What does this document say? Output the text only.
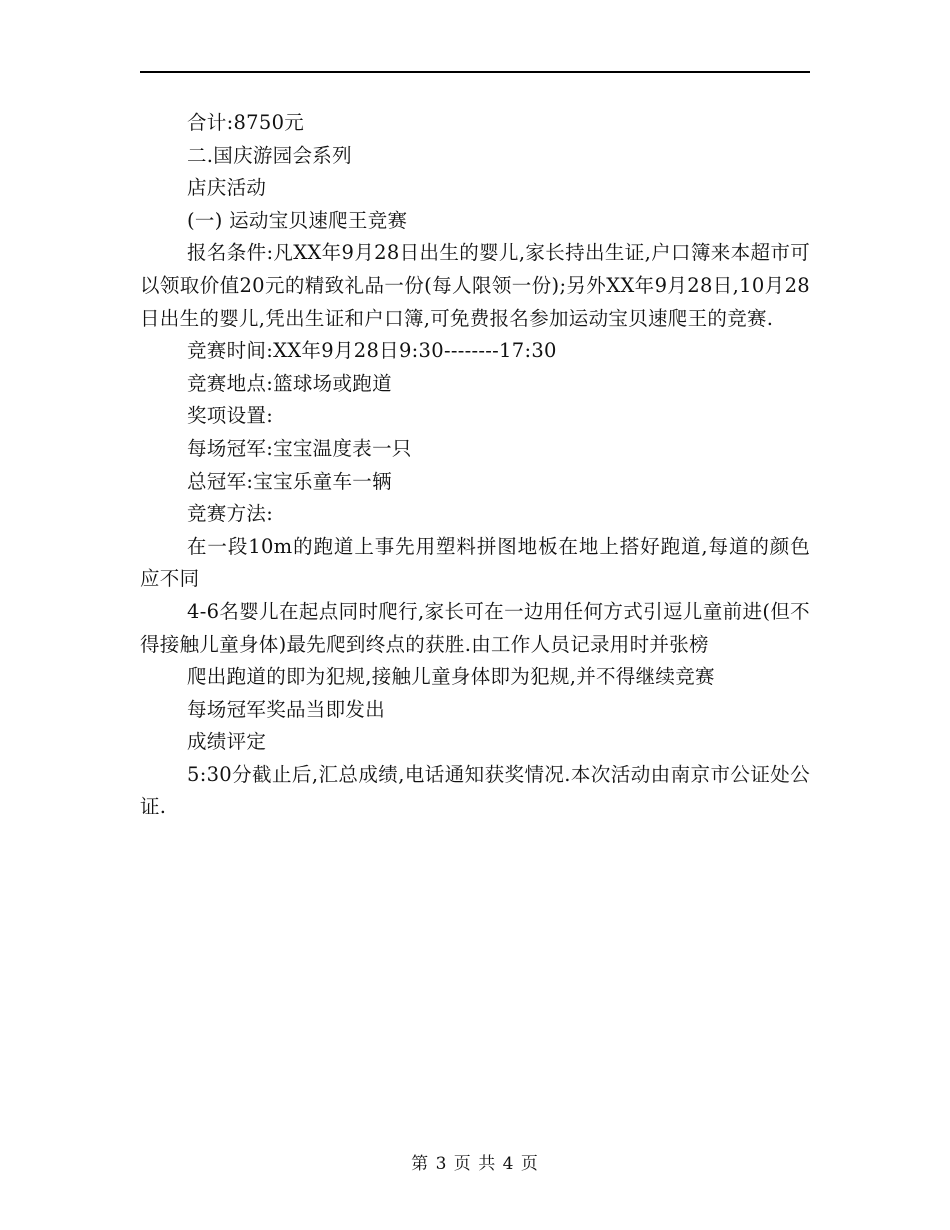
合计:8750元

二.国庆游园会系列

店庆活动

(一) 运动宝贝速爬王竞赛

报名条件:凡XX年9月28日出生的婴儿,家长持出生证,户口簿来本超市可以领取价值20元的精致礼品一份(每人限领一份);另外XX年9月28日,10月28日出生的婴儿,凭出生证和户口簿,可免费报名参加运动宝贝速爬王的竞赛.

竞赛时间:XX年9月28日9:30--------17:30

竞赛地点:篮球场或跑道

奖项设置:

每场冠军:宝宝温度表一只

总冠军:宝宝乐童车一辆

竞赛方法:

在一段10m的跑道上事先用塑料拼图地板在地上搭好跑道,每道的颜色应不同

4-6名婴儿在起点同时爬行,家长可在一边用任何方式引逗儿童前进(但不得接触儿童身体)最先爬到终点的获胜.由工作人员记录用时并张榜

爬出跑道的即为犯规,接触儿童身体即为犯规,并不得继续竞赛

每场冠军奖品当即发出

成绩评定

5:30分截止后,汇总成绩,电话通知获奖情况.本次活动由南京市公证处公证.

第 3 页 共 4 页
